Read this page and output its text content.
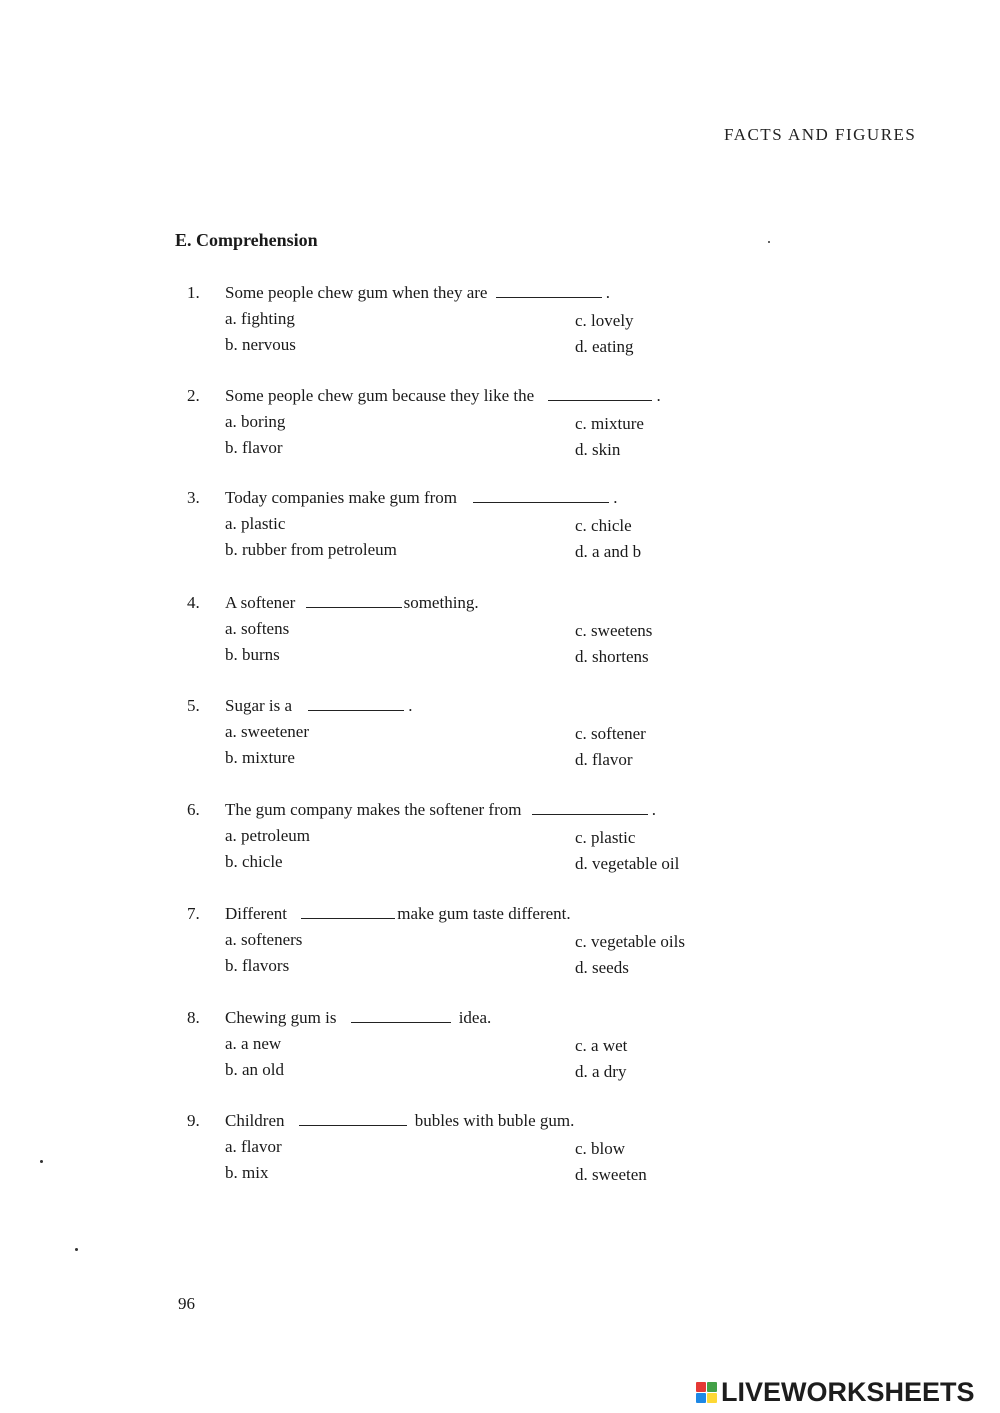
FACTS AND FIGURES
E. Comprehension
1. Some people chew gum when they are	.
a. fighting
b. nervous
c. lovely
d. eating
2. Some people chew gum because they like the	.
a. boring
b. flavor
c. mixture
d. skin
3. Today companies make gum from	.
a. plastic
b. rubber from petroleum
c. chicle
d. a and b
4. A softener	something.
a. softens
b. burns
c. sweetens
d. shortens
5. Sugar is a	.
a. sweetener
b. mixture
c. softener
d. flavor
6. The gum company makes the softener from	.
a. petroleum
b. chicle
c. plastic
d. vegetable oil
7. Different	make gum taste different.
a. softeners
b. flavors
c. vegetable oils
d. seeds
8. Chewing gum is	idea.
a. a new
b. an old
c. a wet
d. a dry
9. Children	bubles with buble gum.
a. flavor
b. mix
c. blow
d. sweeten
96
LIVEWORKSHEETS
